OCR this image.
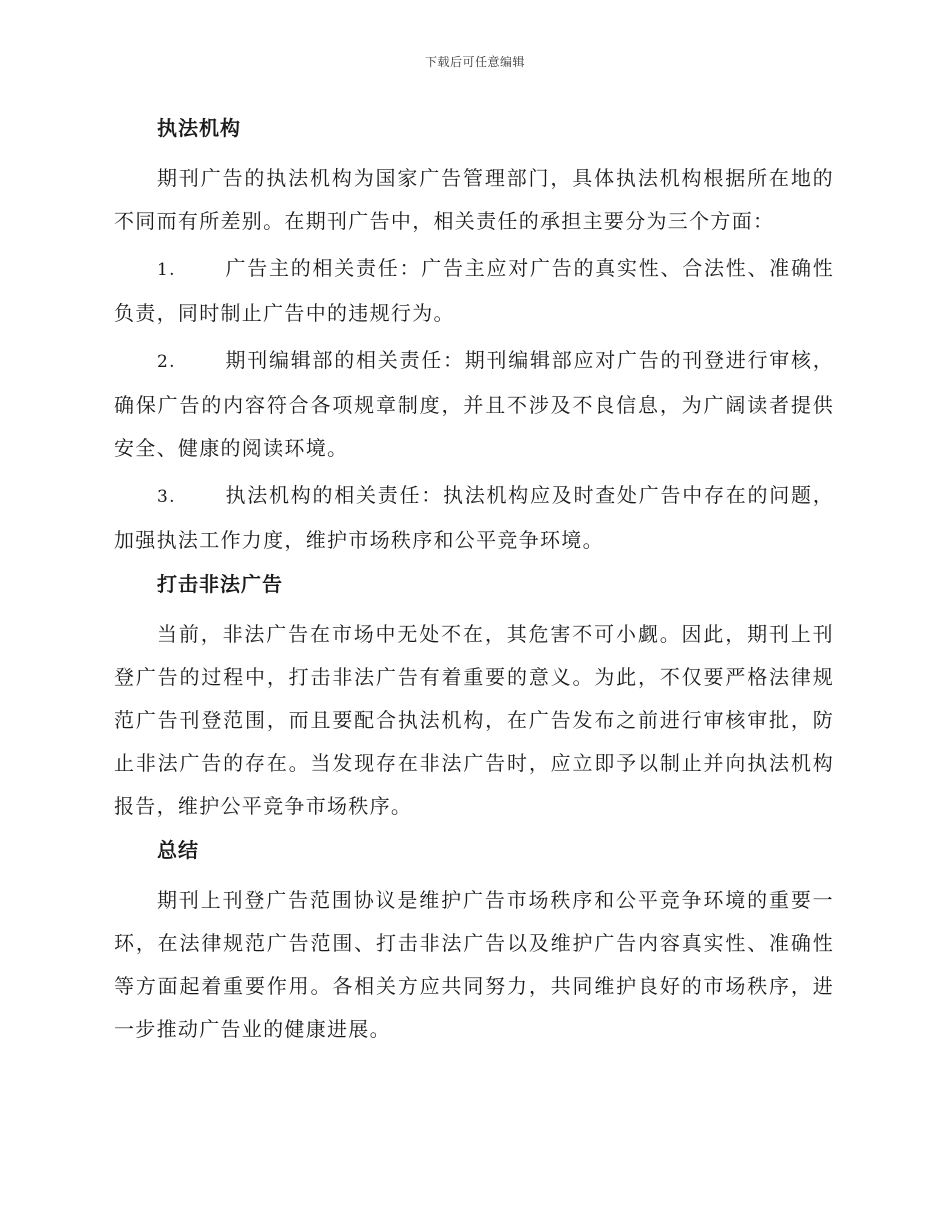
下载后可任意编辑
执法机构

期刊广告的执法机构为国家广告管理部门，具体执法机构根据所在地的不同而有所差别。在期刊广告中，相关责任的承担主要分为三个方面：

1. 广告主的相关责任：广告主应对广告的真实性、合法性、准确性负责，同时制止广告中的违规行为。

2. 期刊编辑部的相关责任：期刊编辑部应对广告的刊登进行审核，确保广告的内容符合各项规章制度，并且不涉及不良信息，为广阔读者提供安全、健康的阅读环境。

3. 执法机构的相关责任：执法机构应及时查处广告中存在的问题，加强执法工作力度，维护市场秩序和公平竞争环境。

打击非法广告

当前，非法广告在市场中无处不在，其危害不可小觑。因此，期刊上刊登广告的过程中，打击非法广告有着重要的意义。为此，不仅要严格法律规范广告刊登范围，而且要配合执法机构，在广告发布之前进行审核审批，防止非法广告的存在。当发现存在非法广告时，应立即予以制止并向执法机构报告，维护公平竞争市场秩序。

总结

期刊上刊登广告范围协议是维护广告市场秩序和公平竞争环境的重要一环，在法律规范广告范围、打击非法广告以及维护广告内容真实性、准确性等方面起着重要作用。各相关方应共同努力，共同维护良好的市场秩序，进一步推动广告业的健康进展。
